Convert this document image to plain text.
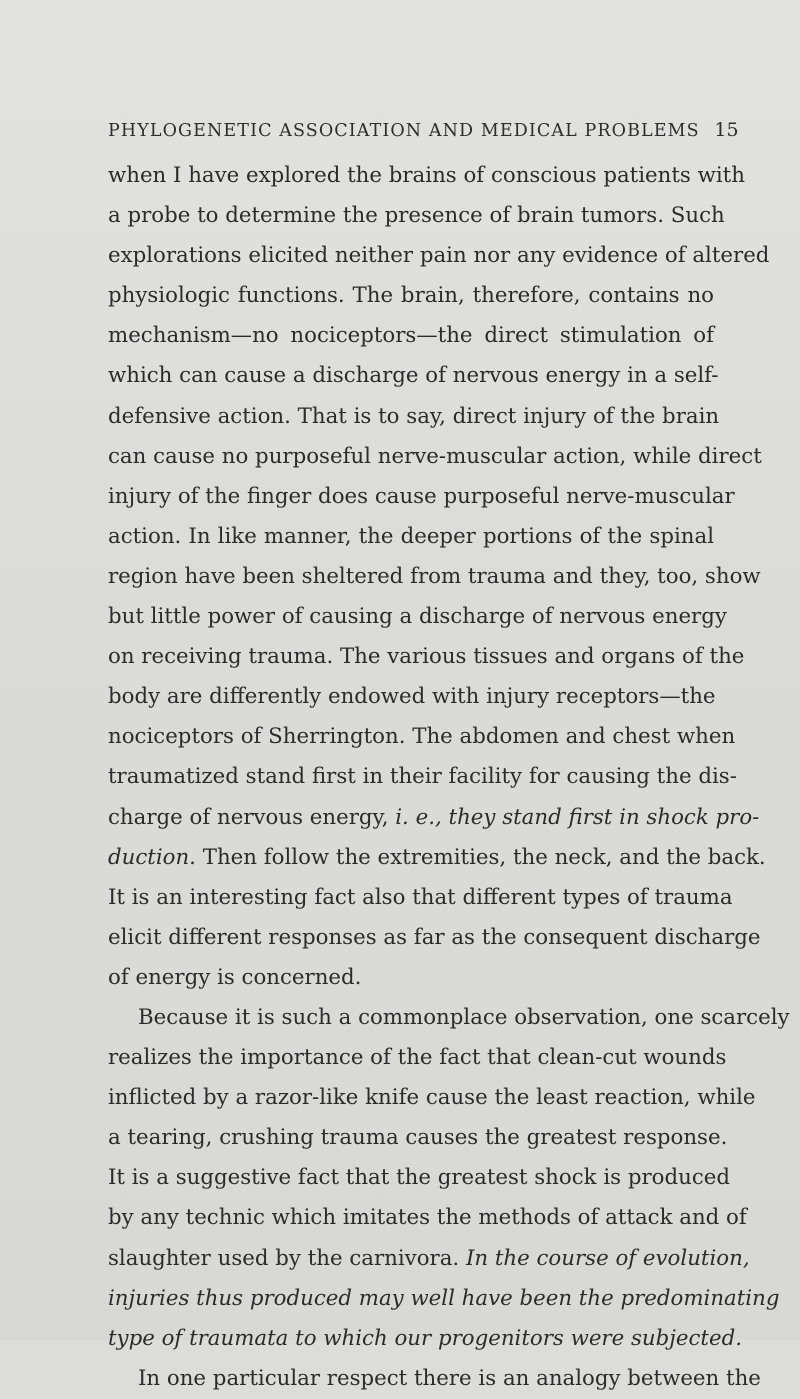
PHYLOGENETIC ASSOCIATION AND MEDICAL PROBLEMS 15
when I have explored the brains of conscious patients with
a probe to determine the presence of brain tumors. Such
explorations elicited neither pain nor any evidence of altered
physiologic functions. The brain, therefore, contains no
mechanism—no nociceptors—the direct stimulation of
which can cause a discharge of nervous energy in a self-
defensive action. That is to say, direct injury of the brain
can cause no purposeful nerve-muscular action, while direct
injury of the finger does cause purposeful nerve-muscular
action. In like manner, the deeper portions of the spinal
region have been sheltered from trauma and they, too, show
but little power of causing a discharge of nervous energy
on receiving trauma. The various tissues and organs of the
body are differently endowed with injury receptors—the
nociceptors of Sherrington. The abdomen and chest when
traumatized stand first in their facility for causing the dis-
charge of nervous energy, i. e., they stand first in shock pro-
duction. Then follow the extremities, the neck, and the back.
It is an interesting fact also that different types of trauma
elicit different responses as far as the consequent discharge
of energy is concerned.
Because it is such a commonplace observation, one scarcely
realizes the importance of the fact that clean-cut wounds
inflicted by a razor-like knife cause the least reaction, while
a tearing, crushing trauma causes the greatest response.
It is a suggestive fact that the greatest shock is produced
by any technic which imitates the methods of attack and of
slaughter used by the carnivora. In the course of evolution,
injuries thus produced may well have been the predominating
type of traumata to which our progenitors were subjected.
In one particular respect there is an analogy between the
